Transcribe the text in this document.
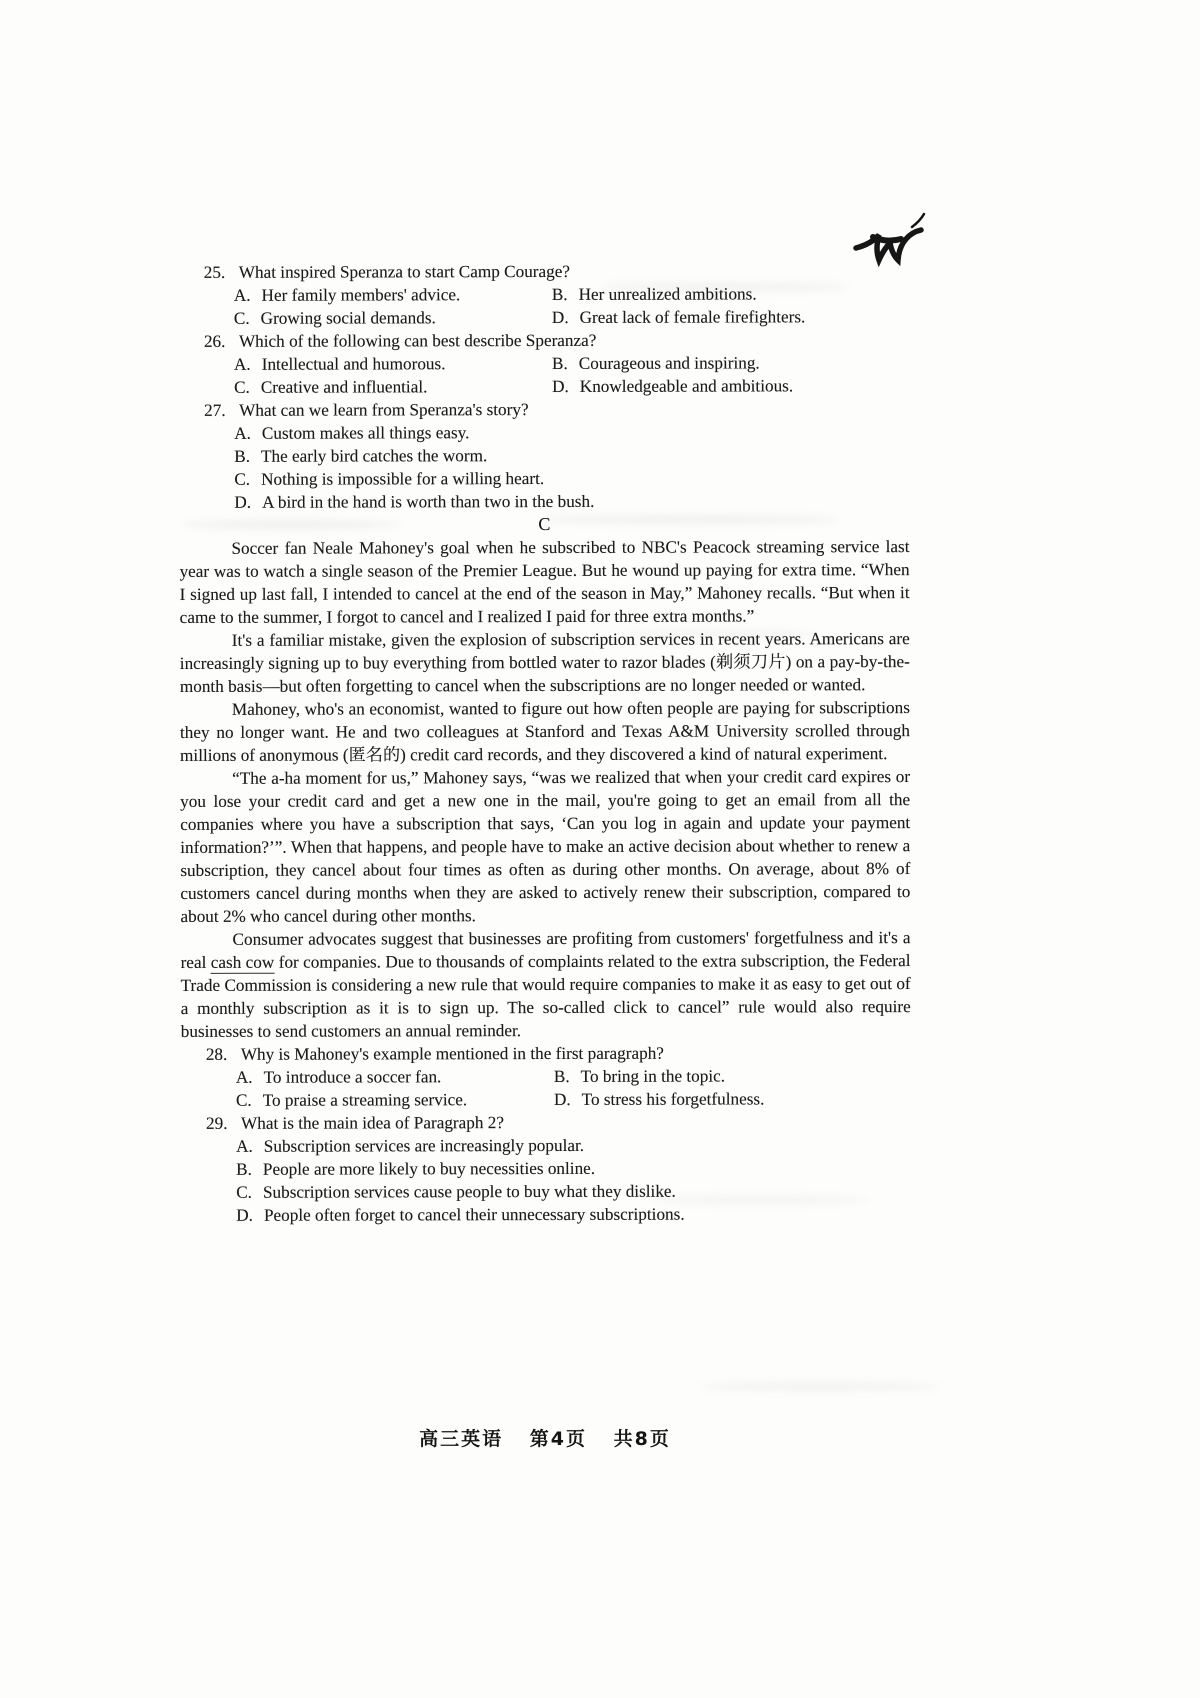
25. What inspired Speranza to start Camp Courage?
A. Her family members' advice.	B. Her unrealized ambitions.
C. Growing social demands.	D. Great lack of female firefighters.
26. Which of the following can best describe Speranza?
A. Intellectual and humorous.	B. Courageous and inspiring.
C. Creative and influential.	D. Knowledgeable and ambitious.
27. What can we learn from Speranza's story?
A. Custom makes all things easy.
B. The early bird catches the worm.
C. Nothing is impossible for a willing heart.
D. A bird in the hand is worth than two in the bush.
C

Soccer fan Neale Mahoney's goal when he subscribed to NBC's Peacock streaming service last year was to watch a single season of the Premier League. But he wound up paying for extra time. “When I signed up last fall, I intended to cancel at the end of the season in May,” Mahoney recalls. “But when it came to the summer, I forgot to cancel and I realized I paid for three extra months.”

It's a familiar mistake, given the explosion of subscription services in recent years. Americans are increasingly signing up to buy everything from bottled water to razor blades (剃须刀片) on a pay-by-the-month basis—but often forgetting to cancel when the subscriptions are no longer needed or wanted.

Mahoney, who's an economist, wanted to figure out how often people are paying for subscriptions they no longer want. He and two colleagues at Stanford and Texas A&M University scrolled through millions of anonymous (匿名的) credit card records, and they discovered a kind of natural experiment.

“The a-ha moment for us,” Mahoney says, “was we realized that when your credit card expires or you lose your credit card and get a new one in the mail, you're going to get an email from all the companies where you have a subscription that says, ‘Can you log in again and update your payment information?’”. When that happens, and people have to make an active decision about whether to renew a subscription, they cancel about four times as often as during other months. On average, about 8% of customers cancel during months when they are asked to actively renew their subscription, compared to about 2% who cancel during other months.

Consumer advocates suggest that businesses are profiting from customers' forgetfulness and it's a real cash cow for companies. Due to thousands of complaints related to the extra subscription, the Federal Trade Commission is considering a new rule that would require companies to make it as easy to get out of a monthly subscription as it is to sign up. The so-called click to cancel” rule would also require businesses to send customers an annual reminder.

28. Why is Mahoney's example mentioned in the first paragraph?
A. To introduce a soccer fan.	B. To bring in the topic.
C. To praise a streaming service.	D. To stress his forgetfulness.
29. What is the main idea of Paragraph 2?
A. Subscription services are increasingly popular.
B. People are more likely to buy necessities online.
C. Subscription services cause people to buy what they dislike.
D. People often forget to cancel their unnecessary subscriptions.
高三英语 第4页 共8页
